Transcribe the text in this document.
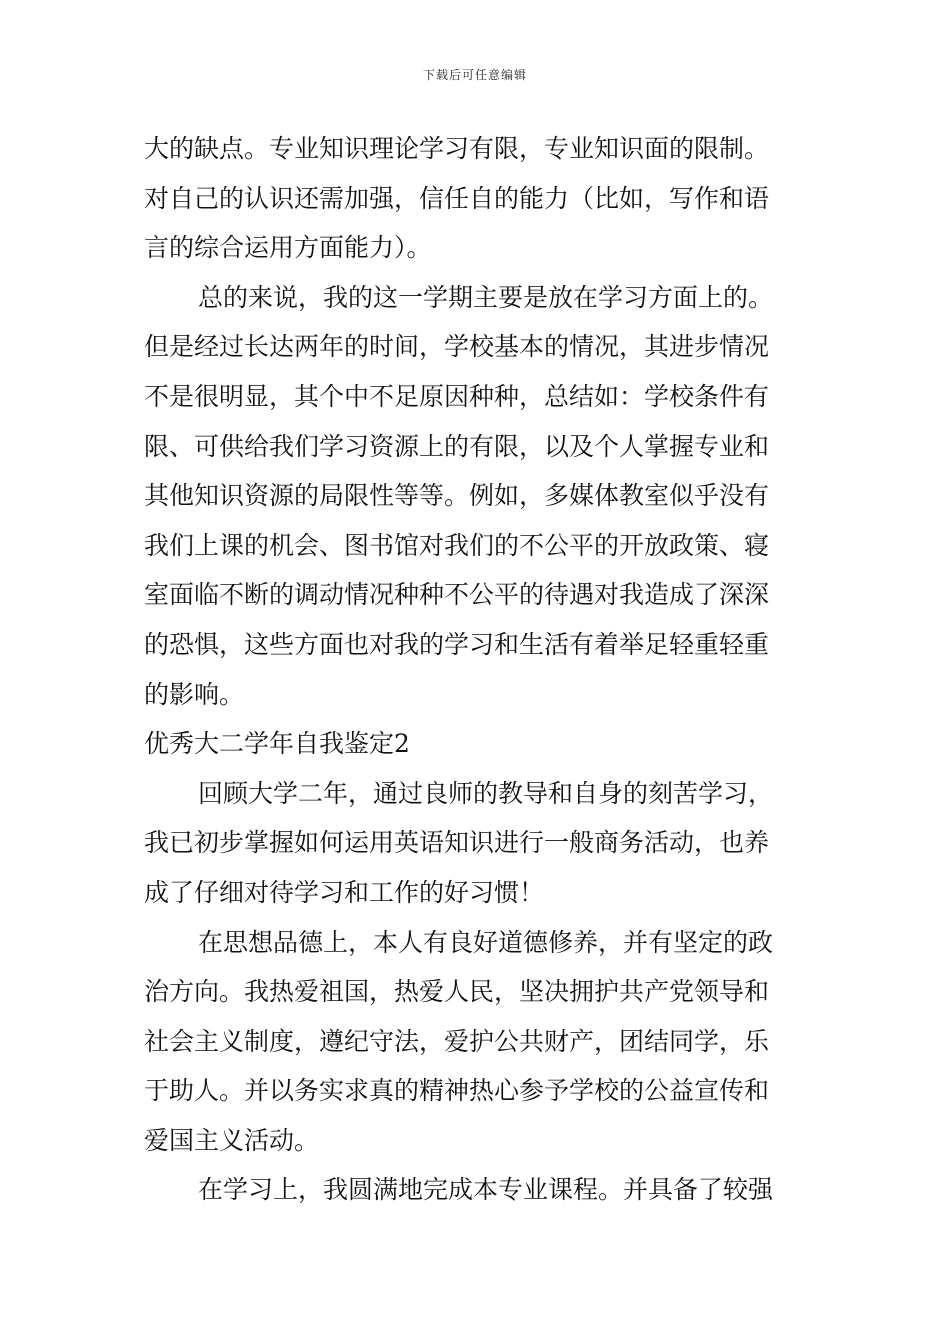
下载后可任意编辑
大的缺点。专业知识理论学习有限，专业知识面的限制。
对自己的认识还需加强，信任自的能力（比如，写作和语
言的综合运用方面能力）。
总的来说，我的这一学期主要是放在学习方面上的。
但是经过长达两年的时间，学校基本的情况，其进步情况
不是很明显，其个中不足原因种种，总结如：学校条件有
限、可供给我们学习资源上的有限，以及个人掌握专业和
其他知识资源的局限性等等。例如，多媒体教室似乎没有
我们上课的机会、图书馆对我们的不公平的开放政策、寝
室面临不断的调动情况种种不公平的待遇对我造成了深深
的恐惧，这些方面也对我的学习和生活有着举足轻重轻重
的影响。
优秀大二学年自我鉴定2
回顾大学二年，通过良师的教导和自身的刻苦学习，
我已初步掌握如何运用英语知识进行一般商务活动，也养
成了仔细对待学习和工作的好习惯！
在思想品德上，本人有良好道德修养，并有坚定的政
治方向。我热爱祖国，热爱人民，坚决拥护共产党领导和
社会主义制度，遵纪守法，爱护公共财产，团结同学，乐
于助人。并以务实求真的精神热心参予学校的公益宣传和
爱国主义活动。
在学习上，我圆满地完成本专业课程。并具备了较强
